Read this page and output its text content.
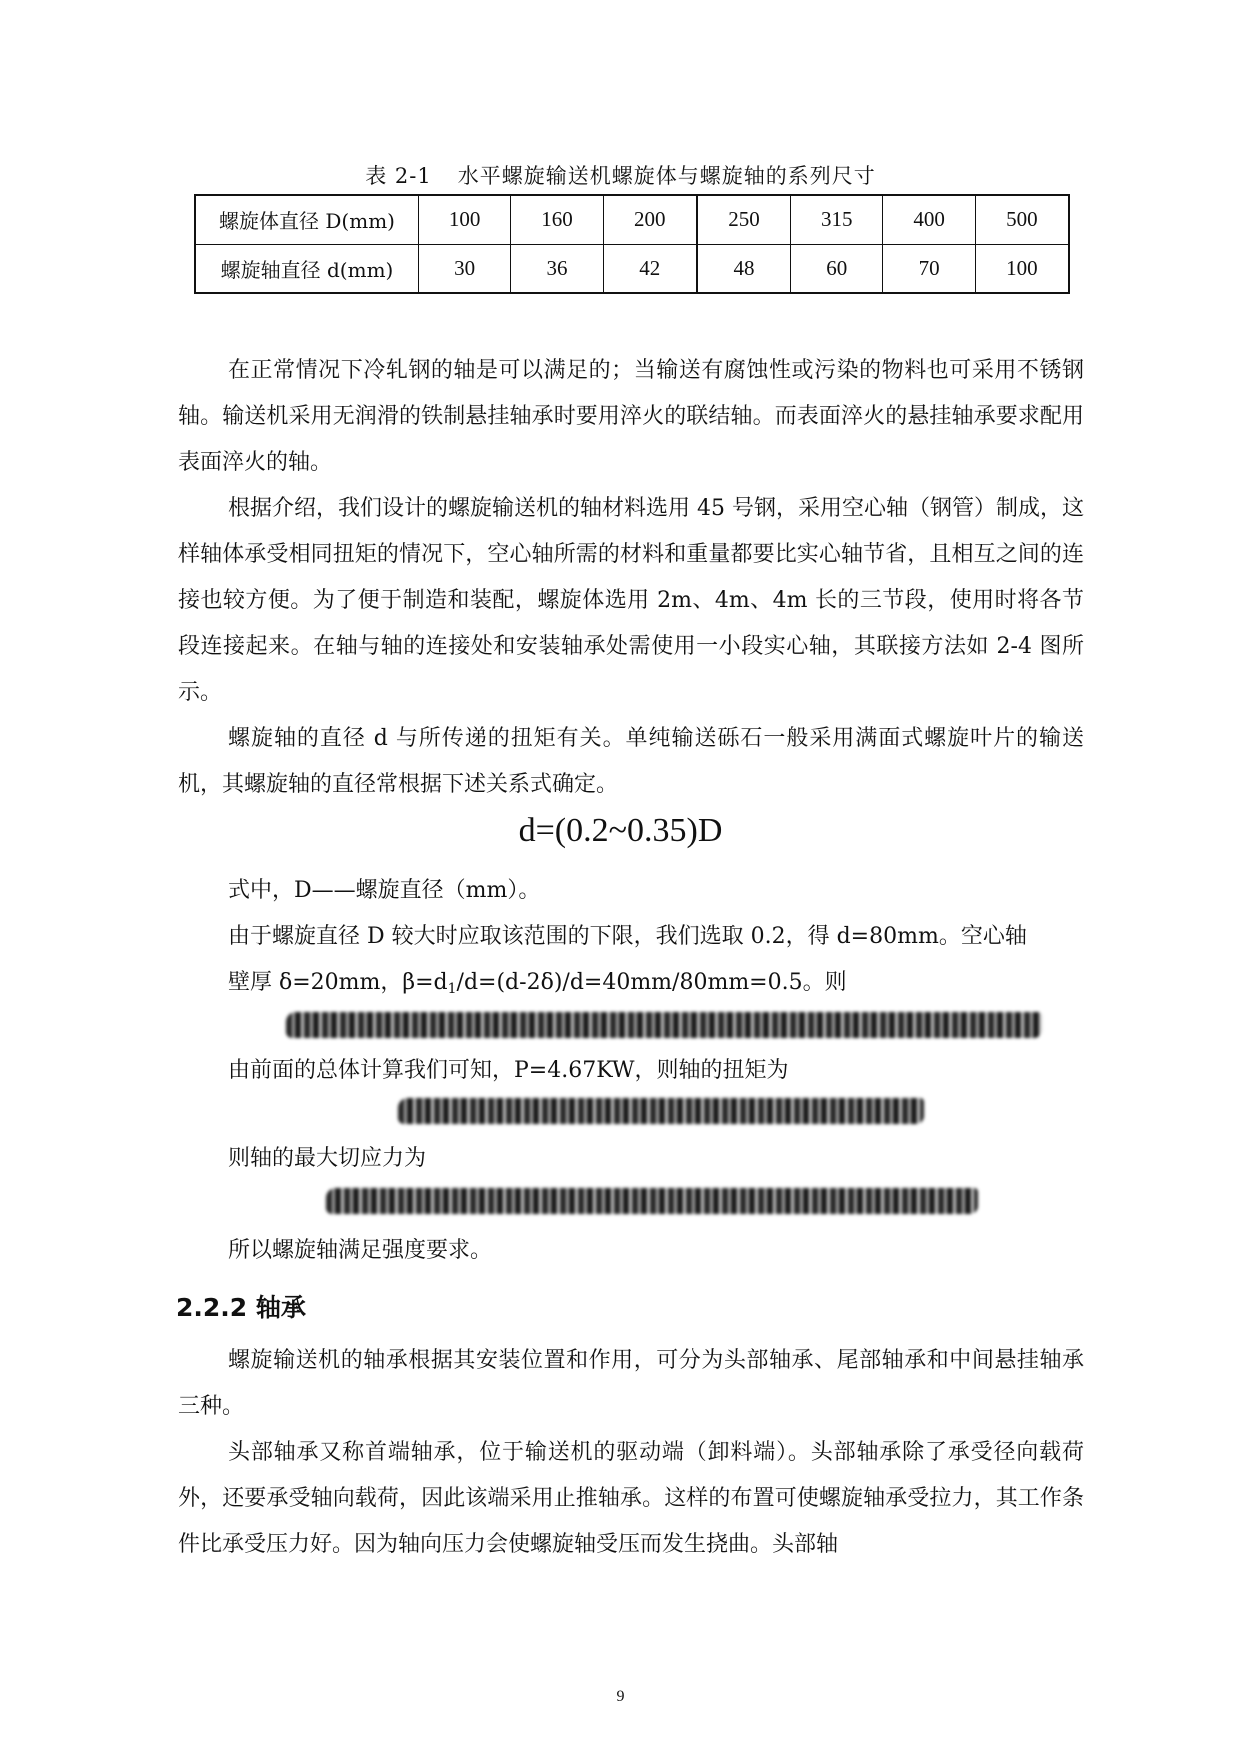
表 2-1 水平螺旋输送机螺旋体与螺旋轴的系列尺寸
螺旋体直径 D(mm)	100	160	200	250	315	400	500
螺旋轴直径 d(mm)	30	36	42	48	60	70	100

在正常情况下冷轧钢的轴是可以满足的；当输送有腐蚀性或污染的物料也可采用不锈钢轴。输送机采用无润滑的铁制悬挂轴承时要用淬火的联结轴。而表面淬火的悬挂轴承要求配用表面淬火的轴。

根据介绍，我们设计的螺旋输送机的轴材料选用 45 号钢，采用空心轴（钢管）制成，这样轴体承受相同扭矩的情况下，空心轴所需的材料和重量都要比实心轴节省，且相互之间的连接也较方便。为了便于制造和装配，螺旋体选用 2m、4m、4m 长的三节段，使用时将各节段连接起来。在轴与轴的连接处和安装轴承处需使用一小段实心轴，其联接方法如 2-4 图所示。

螺旋轴的直径 d 与所传递的扭矩有关。单纯输送砾石一般采用满面式螺旋叶片的输送机，其螺旋轴的直径常根据下述关系式确定。

d=(0.2~0.35)D

式中，D——螺旋直径（mm）。

由于螺旋直径 D 较大时应取该范围的下限，我们选取 0.2，得 d=80mm。空心轴

壁厚 δ=20mm，$\beta=d_1/d=(d-2\delta)/d=40mm/80mm=0.5$。则

由前面的总体计算我们可知，P=4.67KW，则轴的扭矩为

则轴的最大切应力为

所以螺旋轴满足强度要求。

2.2.2 轴承

螺旋输送机的轴承根据其安装位置和作用，可分为头部轴承、尾部轴承和中间悬挂轴承三种。

头部轴承又称首端轴承，位于输送机的驱动端（卸料端）。头部轴承除了承受径向载荷外，还要承受轴向载荷，因此该端采用止推轴承。这样的布置可使螺旋轴承受拉力，其工作条件比承受压力好。因为轴向压力会使螺旋轴受压而发生挠曲。头部轴

9
